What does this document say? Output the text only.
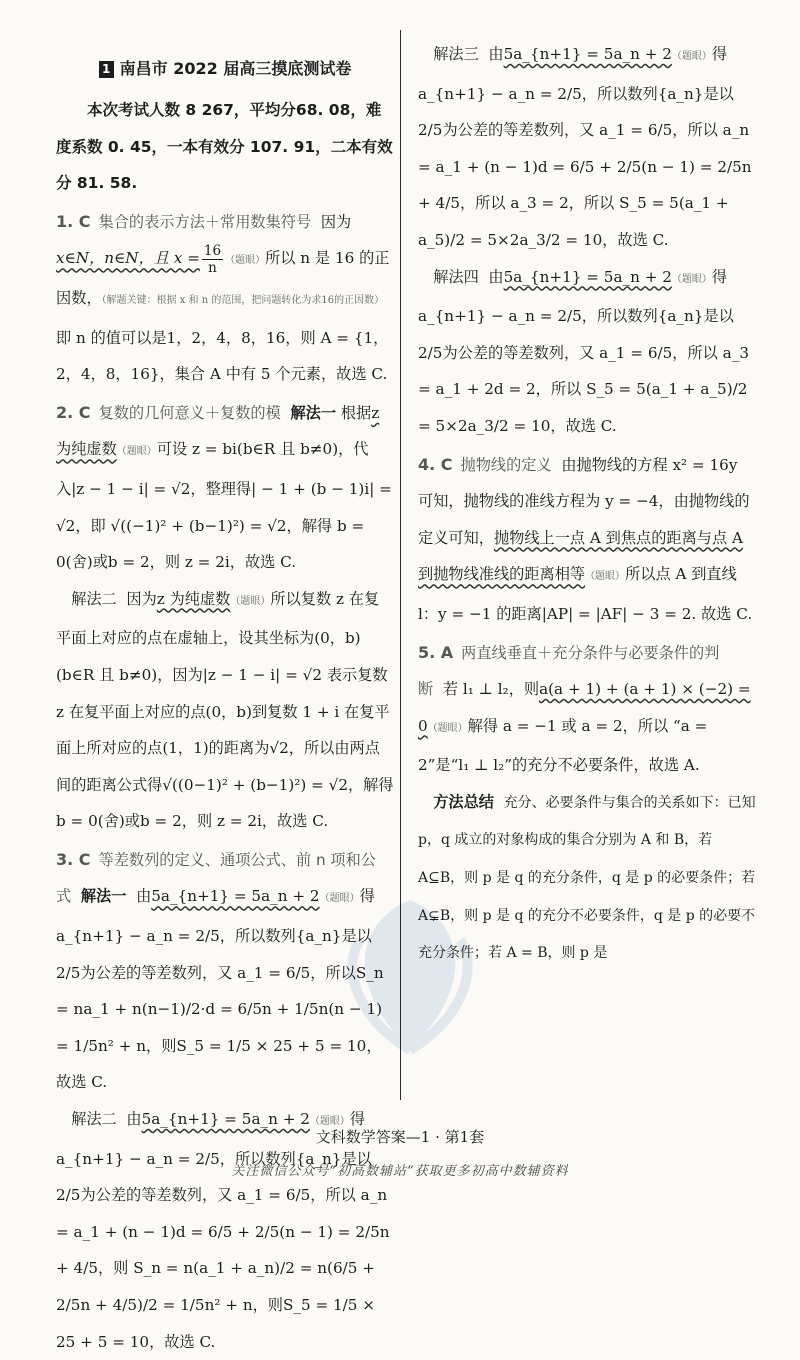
1 南昌市 2022 届高三摸底测试卷
本次考试人数 8 267，平均分68. 08，难度系数 0. 45，一本有效分 107. 91，二本有效分 81. 58.
1. C 集合的表示方法＋常用数集符号 因为 x∈N，n∈N，且 $x = \frac{16}{n}$ （题眼）所以 n 是 16 的正因数，（解题关键：根据 x 和 n 的范围，把问题转化为求16的正因数）即 n 的值可以是1，2，4，8，16，则 A = {1，2，4，8，16}，集合 A 中有 5 个元素，故选 C.
2. C 复数的几何意义＋复数的模 解法一 根据z 为纯虚数（题眼）可设 z = bi(b∈R 且 b≠0)，代入|z − 1 − i| = √2，整理得| − 1 + (b − 1)i| = √2，即 √((−1)² + (b−1)²) = √2，解得 b = 0(舍)或b = 2，则 z = 2i，故选 C.
解法二 因为z 为纯虚数（题眼）所以复数 z 在复平面上对应的点在虚轴上，设其坐标为(0，b)(b∈R 且 b≠0)，因为|z − 1 − i| = √2 表示复数 z 在复平面上对应的点(0，b)到复数 1 + i 在复平面上所对应的点(1，1)的距离为√2，所以由两点间的距离公式得√((0−1)² + (b−1)²) = √2，解得 b = 0(舍)或b = 2，则 z = 2i，故选 C.
3. C 等差数列的定义、通项公式、前 n 项和公式 解法一 由5a_{n+1} = 5a_n + 2（题眼）得 a_{n+1} − a_n = 2/5，所以数列{a_n}是以2/5为公差的等差数列，又 a_1 = 6/5，所以S_n = na_1 + n(n−1)/2·d = 6/5n + 1/5n(n − 1) = 1/5n² + n，则S_5 = 1/5 × 25 + 5 = 10，故选 C.
解法二 由5a_{n+1} = 5a_n + 2（题眼）得 a_{n+1} − a_n = 2/5，所以数列{a_n}是以2/5为公差的等差数列，又 a_1 = 6/5，所以 a_n = a_1 + (n − 1)d = 6/5 + 2/5(n − 1) = 2/5n + 4/5，则 S_n = n(a_1 + a_n)/2 = n(6/5 + 2/5n + 4/5)/2 = 1/5n² + n，则S_5 = 1/5 × 25 + 5 = 10，故选 C.
解法三 由5a_{n+1} = 5a_n + 2（题眼）得 a_{n+1} − a_n = 2/5，所以数列{a_n}是以2/5为公差的等差数列，又 a_1 = 6/5，所以 a_n = a_1 + (n − 1)d = 6/5 + 2/5(n − 1) = 2/5n + 4/5，所以 a_3 = 2，所以 S_5 = 5(a_1 + a_5)/2 = 5×2a_3/2 = 10，故选 C.
解法四 由5a_{n+1} = 5a_n + 2（题眼）得 a_{n+1} − a_n = 2/5，所以数列{a_n}是以2/5为公差的等差数列，又 a_1 = 6/5，所以 a_3 = a_1 + 2d = 2，所以 S_5 = 5(a_1 + a_5)/2 = 5×2a_3/2 = 10，故选 C.
4. C 抛物线的定义 由抛物线的方程 x² = 16y 可知，抛物线的准线方程为 y = −4，由抛物线的定义可知，抛物线上一点 A 到焦点的距离与点 A 到抛物线准线的距离相等（题眼）所以点 A 到直线 l：y = −1 的距离|AP| = |AF| − 3 = 2. 故选 C.
5. A 两直线垂直＋充分条件与必要条件的判断 若 l₁ ⊥ l₂，则a(a + 1) + (a + 1) × (−2) = 0（题眼）解得 a = −1 或 a = 2，所以 “a = 2”是“l₁ ⊥ l₂”的充分不必要条件，故选 A.
方法总结 充分、必要条件与集合的关系如下：已知 p，q 成立的对象构成的集合分别为 A 和 B，若 A⊆B，则 p 是 q 的充分条件，q 是 p 的必要条件；若 A⊊B，则 p 是 q 的充分不必要条件，q 是 p 的必要不充分条件；若 A = B，则 p 是
文科数学答案—1 · 第1套
关注微信公众号“初高数辅站”获取更多初高中数辅资料
